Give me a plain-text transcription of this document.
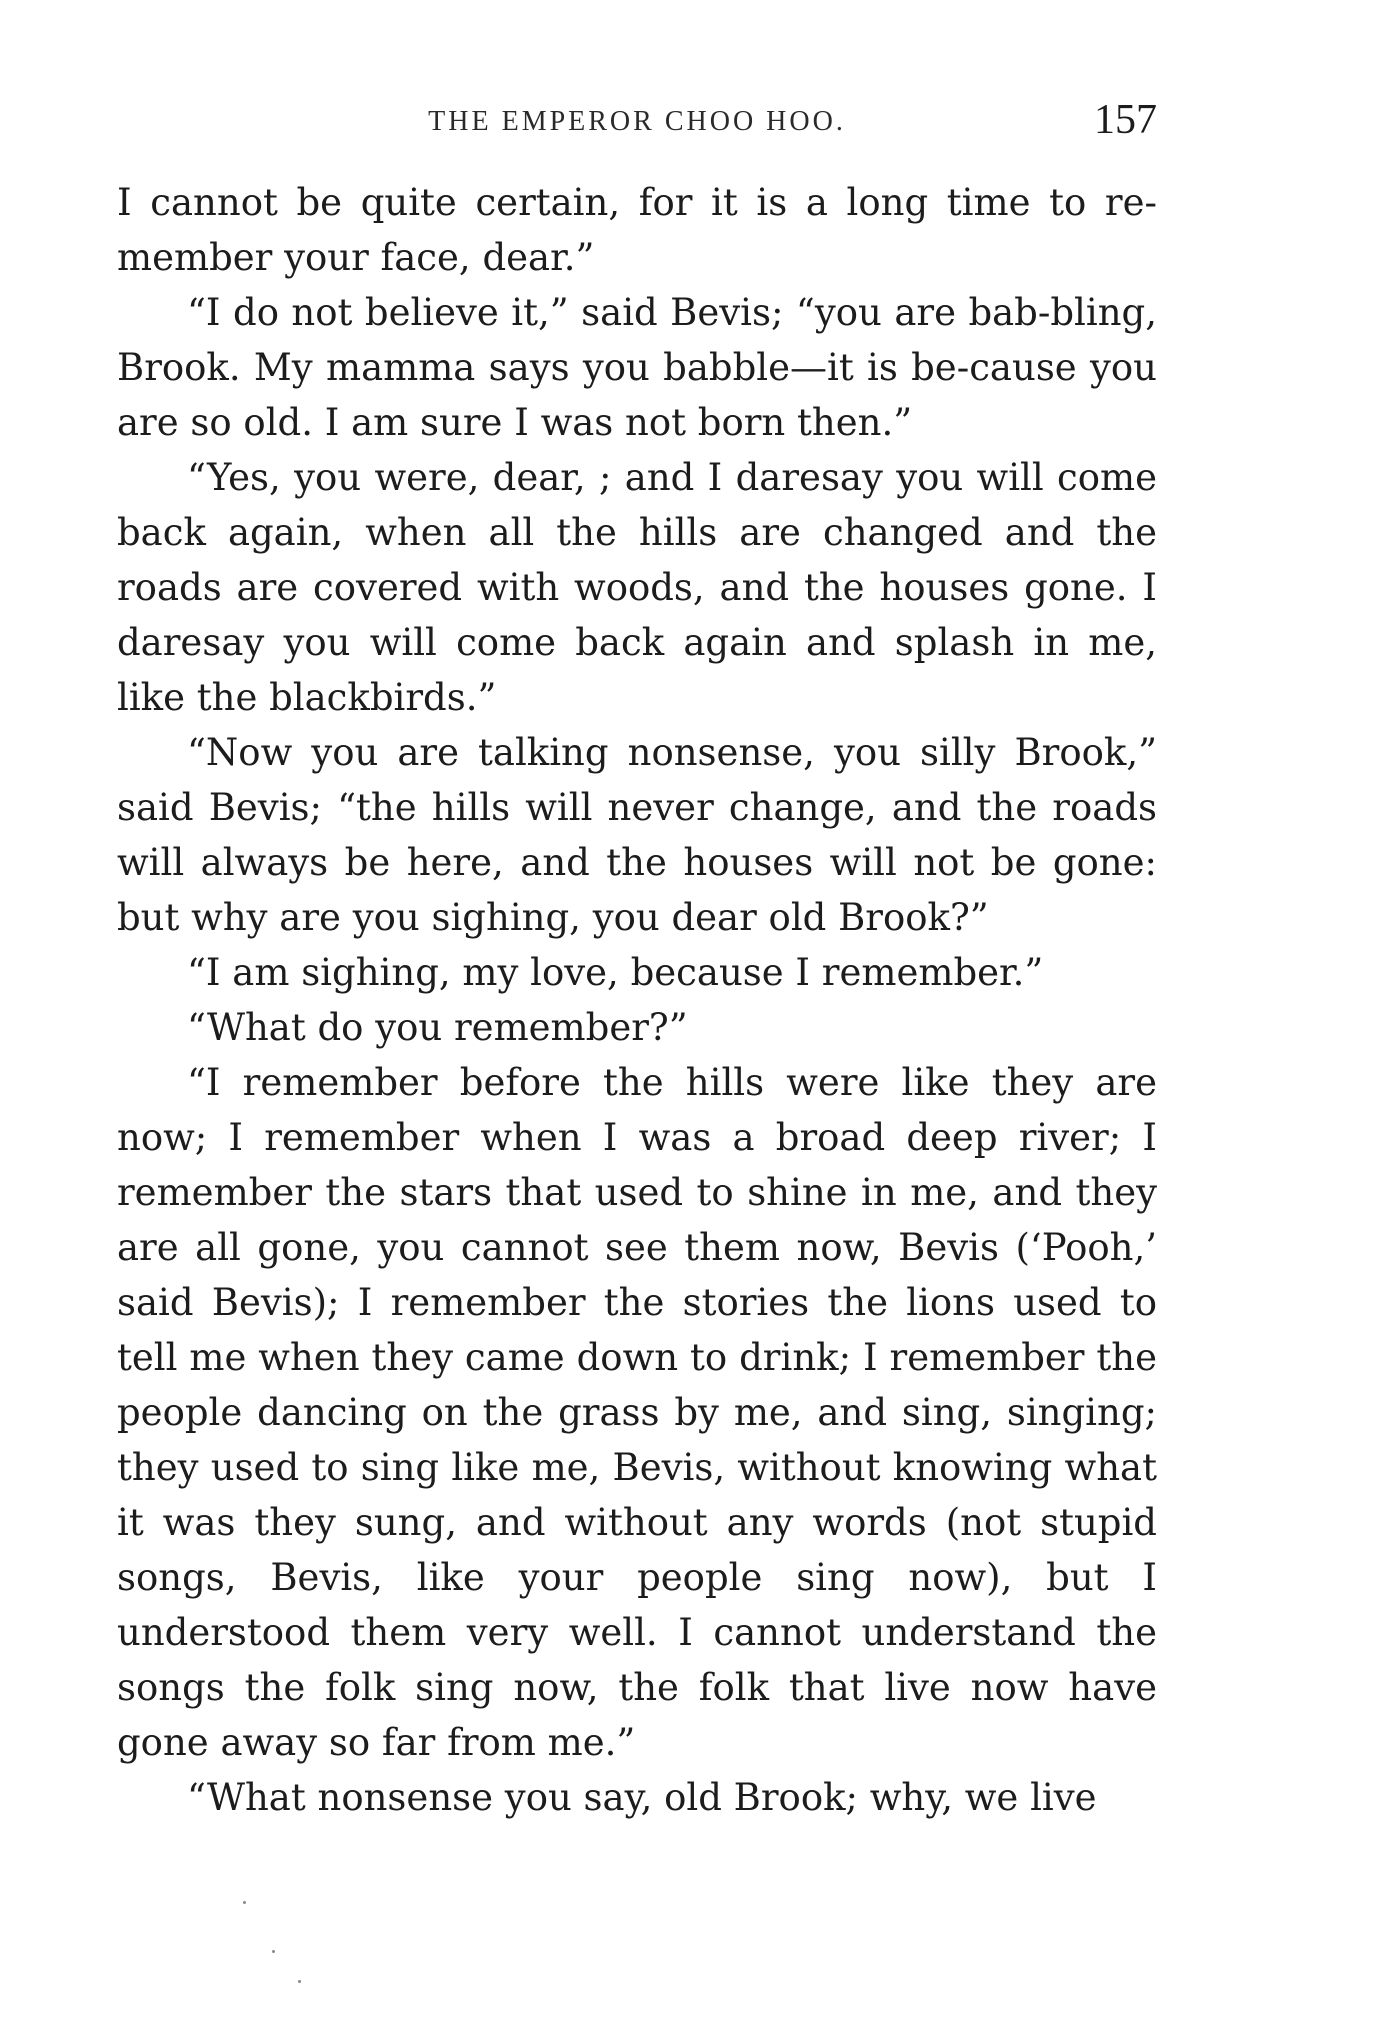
THE EMPEROR CHOO HOO.	157

I cannot be quite certain, for it is a long time to re-member your face, dear.”

“I do not believe it,” said Bevis; “you are bab-bling, Brook. My mamma says you babble—it is be-cause you are so old. I am sure I was not born then.”

“Yes, you were, dear, ; and I daresay you will come back again, when all the hills are changed and the roads are covered with woods, and the houses gone. I daresay you will come back again and splash in me, like the blackbirds.”

“Now you are talking nonsense, you silly Brook,” said Bevis; “the hills will never change, and the roads will always be here, and the houses will not be gone: but why are you sighing, you dear old Brook?”

“I am sighing, my love, because I remember.”

“What do you remember?”

“I remember before the hills were like they are now; I remember when I was a broad deep river; I remember the stars that used to shine in me, and they are all gone, you cannot see them now, Bevis (‘Pooh,’ said Bevis); I remember the stories the lions used to tell me when they came down to drink; I remember the people dancing on the grass by me, and sing, singing; they used to sing like me, Bevis, without knowing what it was they sung, and without any words (not stupid songs, Bevis, like your people sing now), but I understood them very well. I cannot understand the songs the folk sing now, the folk that live now have gone away so far from me.”

“What nonsense you say, old Brook; why, we live
